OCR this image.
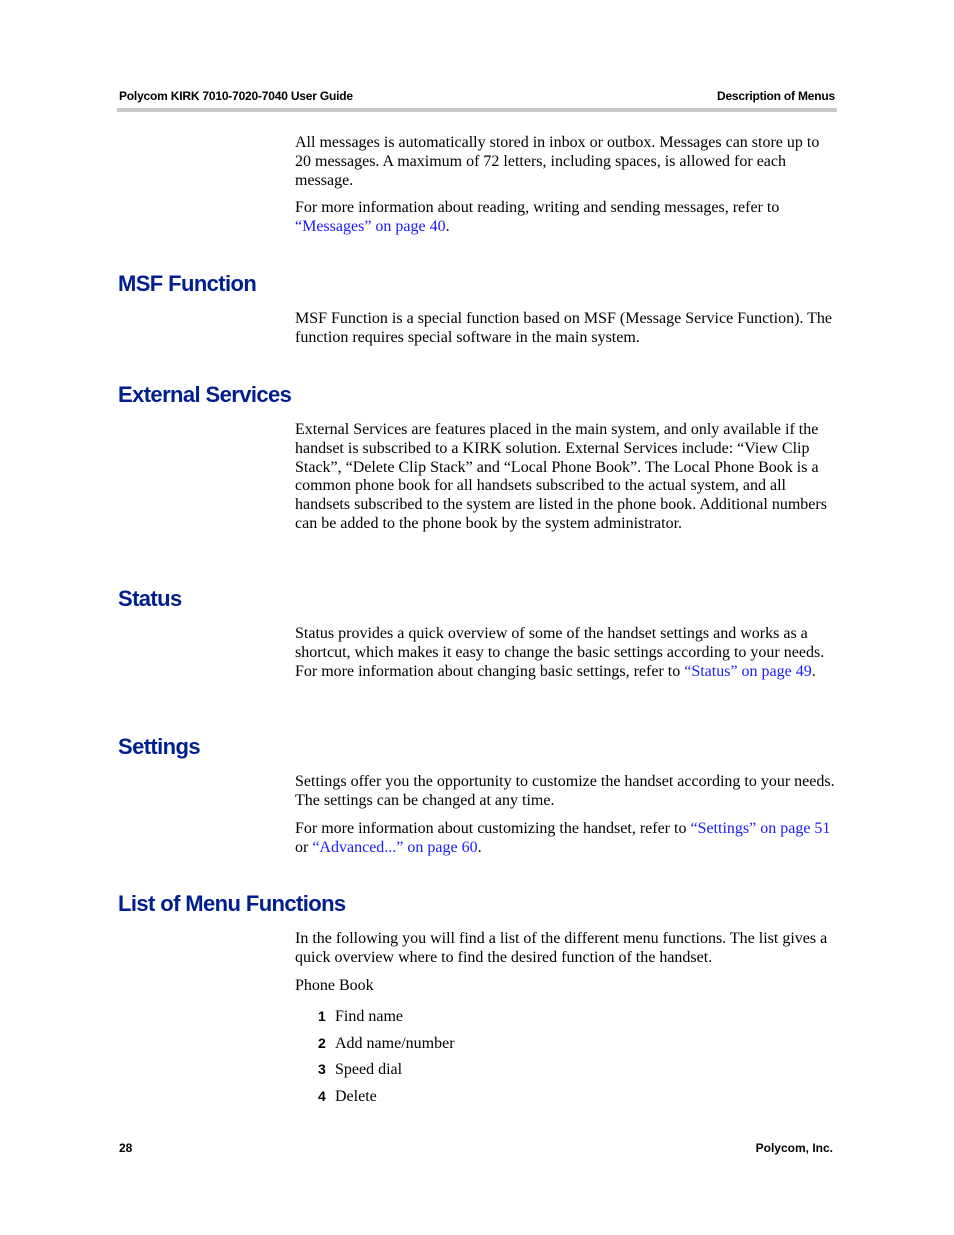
Polycom KIRK 7010-7020-7040 User Guide	Description of Menus

All messages is automatically stored in inbox or outbox. Messages can store up to 20 messages. A maximum of 72 letters, including spaces, is allowed for each message.

For more information about reading, writing and sending messages, refer to “Messages” on page 40.

MSF Function

MSF Function is a special function based on MSF (Message Service Function). The function requires special software in the main system.

External Services

External Services are features placed in the main system, and only available if the handset is subscribed to a KIRK solution. External Services include: “View Clip Stack”, “Delete Clip Stack” and “Local Phone Book”. The Local Phone Book is a common phone book for all handsets subscribed to the actual system, and all handsets subscribed to the system are listed in the phone book. Additional numbers can be added to the phone book by the system administrator.

Status

Status provides a quick overview of some of the handset settings and works as a shortcut, which makes it easy to change the basic settings according to your needs. For more information about changing basic settings, refer to “Status” on page 49.

Settings

Settings offer you the opportunity to customize the handset according to your needs. The settings can be changed at any time.

For more information about customizing the handset, refer to “Settings” on page 51 or “Advanced...” on page 60.

List of Menu Functions

In the following you will find a list of the different menu functions. The list gives a quick overview where to find the desired function of the handset.

Phone Book

1 Find name
2 Add name/number
3 Speed dial
4 Delete
28	Polycom, Inc.
